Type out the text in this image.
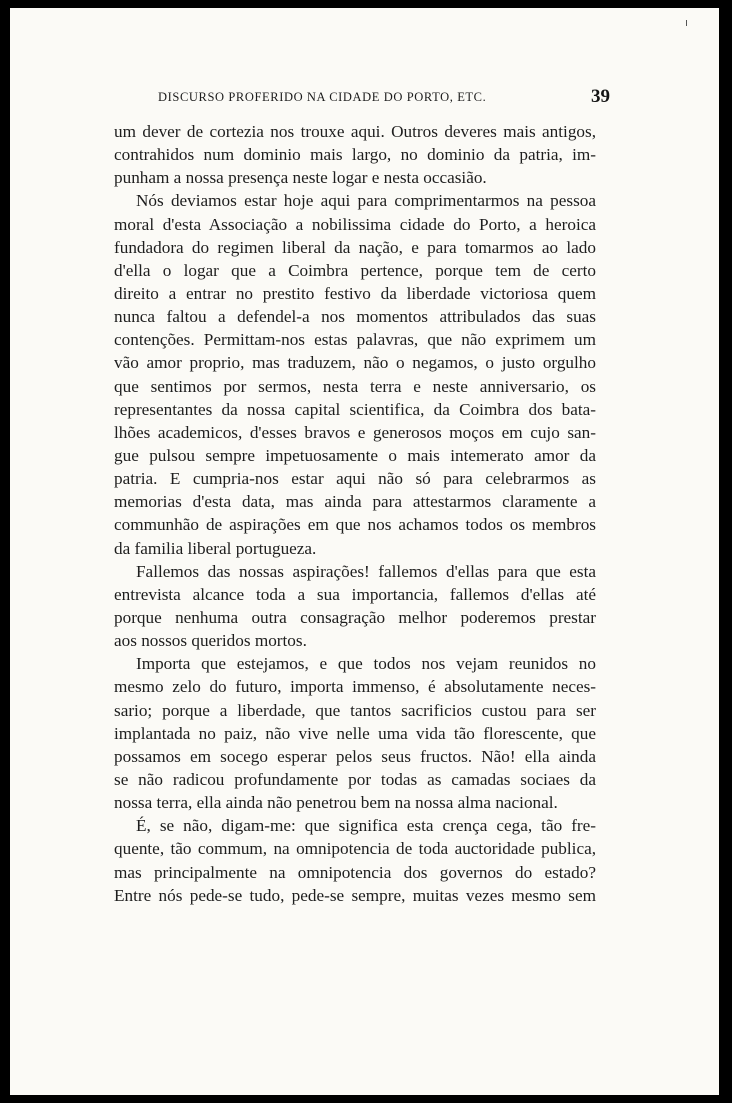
DISCURSO PROFERIDO NA CIDADE DO PORTO, ETC.	39
um dever de cortezia nos trouxe aqui. Outros deveres mais antigos,
contrahidos num dominio mais largo, no dominio da patria, im-
punham a nossa presença neste logar e nesta occasião.
Nós deviamos estar hoje aqui para comprimentarmos na pessoa
moral d'esta Associação a nobilissima cidade do Porto, a heroica
fundadora do regimen liberal da nação, e para tomarmos ao lado
d'ella o logar que a Coimbra pertence, porque tem de certo
direito a entrar no prestito festivo da liberdade victoriosa quem
nunca faltou a defendel-a nos momentos attribulados das suas
contenções. Permittam-nos estas palavras, que não exprimem um
vão amor proprio, mas traduzem, não o negamos, o justo orgulho
que sentimos por sermos, nesta terra e neste anniversario, os
representantes da nossa capital scientifica, da Coimbra dos bata-
lhões academicos, d'esses bravos e generosos moços em cujo san-
gue pulsou sempre impetuosamente o mais intemerato amor da
patria. E cumpria-nos estar aqui não só para celebrarmos as
memorias d'esta data, mas ainda para attestarmos claramente a
communhão de aspirações em que nos achamos todos os membros
da familia liberal portugueza.
Fallemos das nossas aspirações! fallemos d'ellas para que esta
entrevista alcance toda a sua importancia, fallemos d'ellas até
porque nenhuma outra consagração melhor poderemos prestar
aos nossos queridos mortos.
Importa que estejamos, e que todos nos vejam reunidos no
mesmo zelo do futuro, importa immenso, é absolutamente neces-
sario; porque a liberdade, que tantos sacrificios custou para ser
implantada no paiz, não vive nelle uma vida tão florescente, que
possamos em socego esperar pelos seus fructos. Não! ella ainda
se não radicou profundamente por todas as camadas sociaes da
nossa terra, ella ainda não penetrou bem na nossa alma nacional.
É, se não, digam-me: que significa esta crença cega, tão fre-
quente, tão commum, na omnipotencia de toda auctoridade publica,
mas principalmente na omnipotencia dos governos do estado?
Entre nós pede-se tudo, pede-se sempre, muitas vezes mesmo sem
